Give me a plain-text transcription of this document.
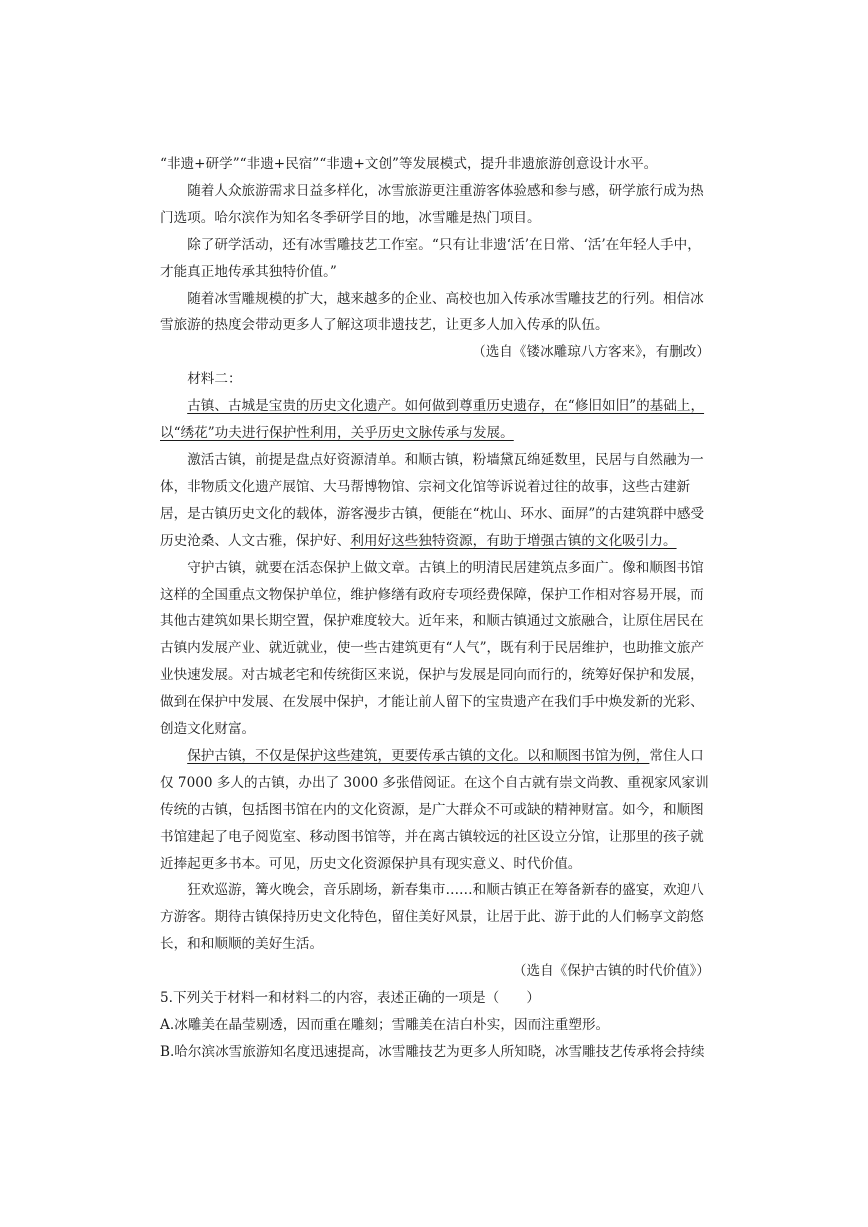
“非遗+研学”“非遗+民宿”“非遗+文创”等发展模式，提升非遗旅游创意设计水平。

随着人众旅游需求日益多样化，冰雪旅游更注重游客体验感和参与感，研学旅行成为热门选项。哈尔滨作为知名冬季研学目的地，冰雪雕是热门项目。

除了研学活动，还有冰雪雕技艺工作室。“只有让非遗‘活’在日常、‘活’在年轻人手中，才能真正地传承其独特价值。”

随着冰雪雕规模的扩大，越来越多的企业、高校也加入传承冰雪雕技艺的行列。相信冰雪旅游的热度会带动更多人了解这项非遗技艺，让更多人加入传承的队伍。

（选自《镂冰雕琼八方客来》，有删改）

材料二：

古镇、古城是宝贵的历史文化遗产。如何做到尊重历史遗存，在“修旧如旧”的基础上，以“绣花”功夫进行保护性利用，关乎历史文脉传承与发展。

激活古镇，前提是盘点好资源清单。和顺古镇，粉墙黛瓦绵延数里，民居与自然融为一体，非物质文化遗产展馆、大马帮博物馆、宗祠文化馆等诉说着过往的故事，这些古建新居，是古镇历史文化的载体，游客漫步古镇，便能在“枕山、环水、面屏”的古建筑群中感受历史沧桑、人文古雅，保护好、利用好这些独特资源，有助于增强古镇的文化吸引力。

守护古镇，就要在活态保护上做文章。古镇上的明清民居建筑点多面广。像和顺图书馆这样的全国重点文物保护单位，维护修缮有政府专项经费保障，保护工作相对容易开展，而其他古建筑如果长期空置，保护难度较大。近年来，和顺古镇通过文旅融合，让原住居民在古镇内发展产业、就近就业，使一些古建筑更有“人气”，既有利于民居维护，也助推文旅产业快速发展。对古城老宅和传统街区来说，保护与发展是同向而行的，统筹好保护和发展，做到在保护中发展、在发展中保护，才能让前人留下的宝贵遗产在我们手中焕发新的光彩、创造文化财富。

保护古镇，不仅是保护这些建筑，更要传承古镇的文化。以和顺图书馆为例，常住人口仅 7000 多人的古镇，办出了 3000 多张借阅证。在这个自古就有崇文尚教、重视家风家训传统的古镇，包括图书馆在内的文化资源，是广大群众不可或缺的精神财富。如今，和顺图书馆建起了电子阅览室、移动图书馆等，并在离古镇较远的社区设立分馆，让那里的孩子就近捧起更多书本。可见，历史文化资源保护具有现实意义、时代价值。

狂欢巡游，篝火晚会，音乐剧场，新春集市……和顺古镇正在筹备新春的盛宴，欢迎八方游客。期待古镇保持历史文化特色，留住美好风景，让居于此、游于此的人们畅享文韵悠长，和和顺顺的美好生活。

（选自《保护古镇的时代价值》）

5.下列关于材料一和材料二的内容，表述正确的一项是（　　）

A.冰雕美在晶莹剔透，因而重在雕刻；雪雕美在洁白朴实，因而注重塑形。

B.哈尔滨冰雪旅游知名度迅速提高，冰雪雕技艺为更多人所知晓，冰雪雕技艺传承将会持续
